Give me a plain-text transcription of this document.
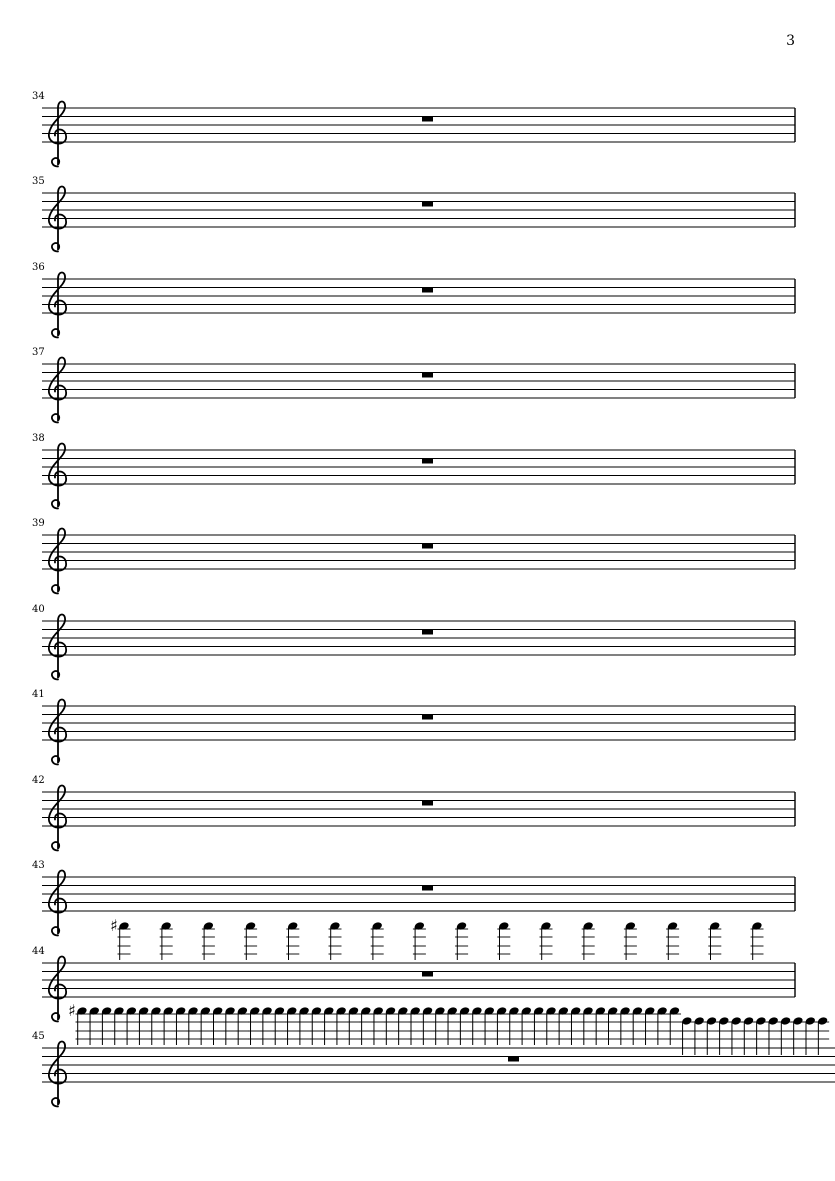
3
34
35
36
37
38
39
40
41
42
43
44
♯
45
♯
